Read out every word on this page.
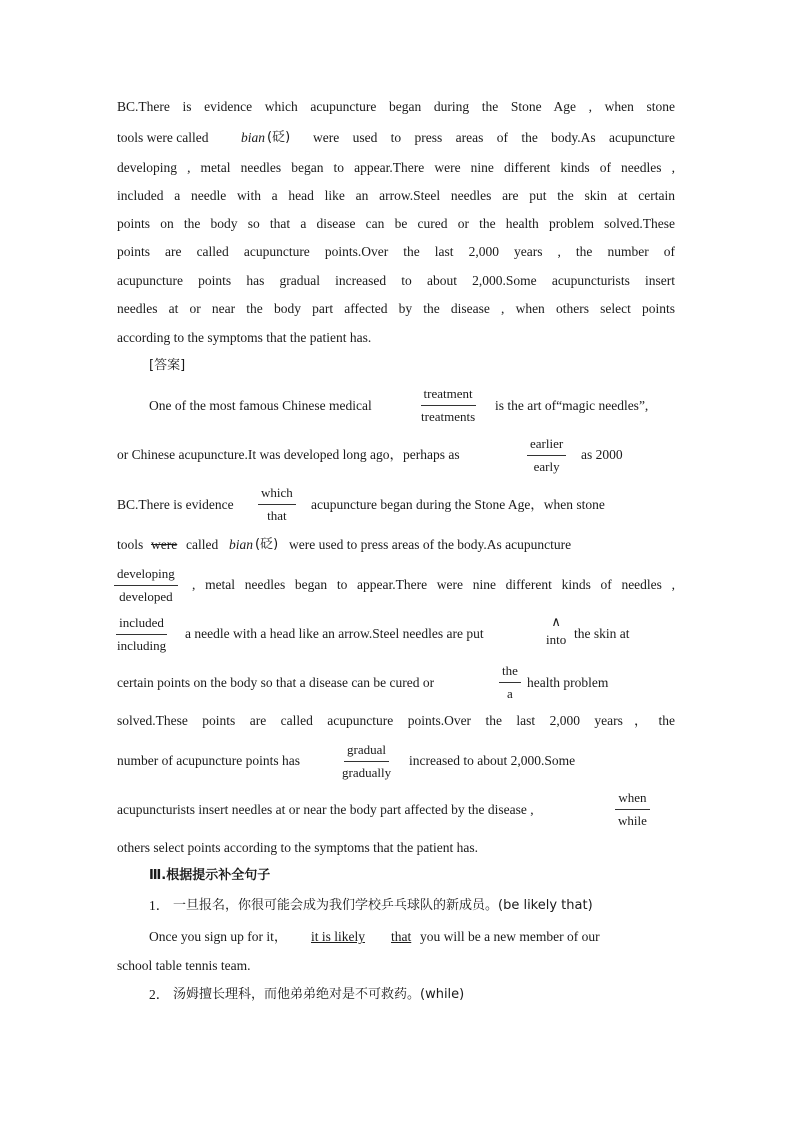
BC.There is evidence which acupuncture began during the Stone Age , when stone
tools were called bian (砭) were used to press areas of the body.As acupuncture
developing , metal needles began to appear.There were nine different kinds of needles ,
included a needle with a head like an arrow.Steel needles are put the skin at certain
points on the body so that a disease can be cured or the health problem solved.These
points are called acupuncture points.Over the last 2,000 years , the number of
acupuncture points has gradual increased to about 2,000.Some acupuncturists insert
needles at or near the body part affected by the disease , when others select points
according to the symptoms that the patient has.
[答案]
One of the most famous Chinese medical	is the art of“magic needles”,
treatment
treatments
or Chinese acupuncture.It was developed long ago，perhaps as	as 2000
earlier
early
BC.There is evidence	acupuncture began during the Stone Age，when stone
which
that
tools were called bian (砭) were used to press areas of the body.As acupuncture
developing
developed
, metal needles began to appear.There were nine different kinds of needles ,
included
including
a needle with a head like an arrow.Steel needles are put	the skin at
∧
into
certain points on the body so that a disease can be cured or	health problem
the
a
solved.These points are called acupuncture points.Over the last 2,000 years，the
number of acupuncture points has	increased to about 2,000.Some
gradual
gradually
acupuncturists insert needles at or near the body part affected by the disease ,
when
while
others select points according to the symptoms that the patient has.
Ⅲ.根据提示补全句子
1． 一旦报名，你很可能会成为我们学校乒乓球队的新成员。(be likely that)
Once you sign up for it， it is likely that you will be a new member of our
school table tennis team.
2． 汤姆擅长理科，而他弟弟绝对是不可救药。(while)
